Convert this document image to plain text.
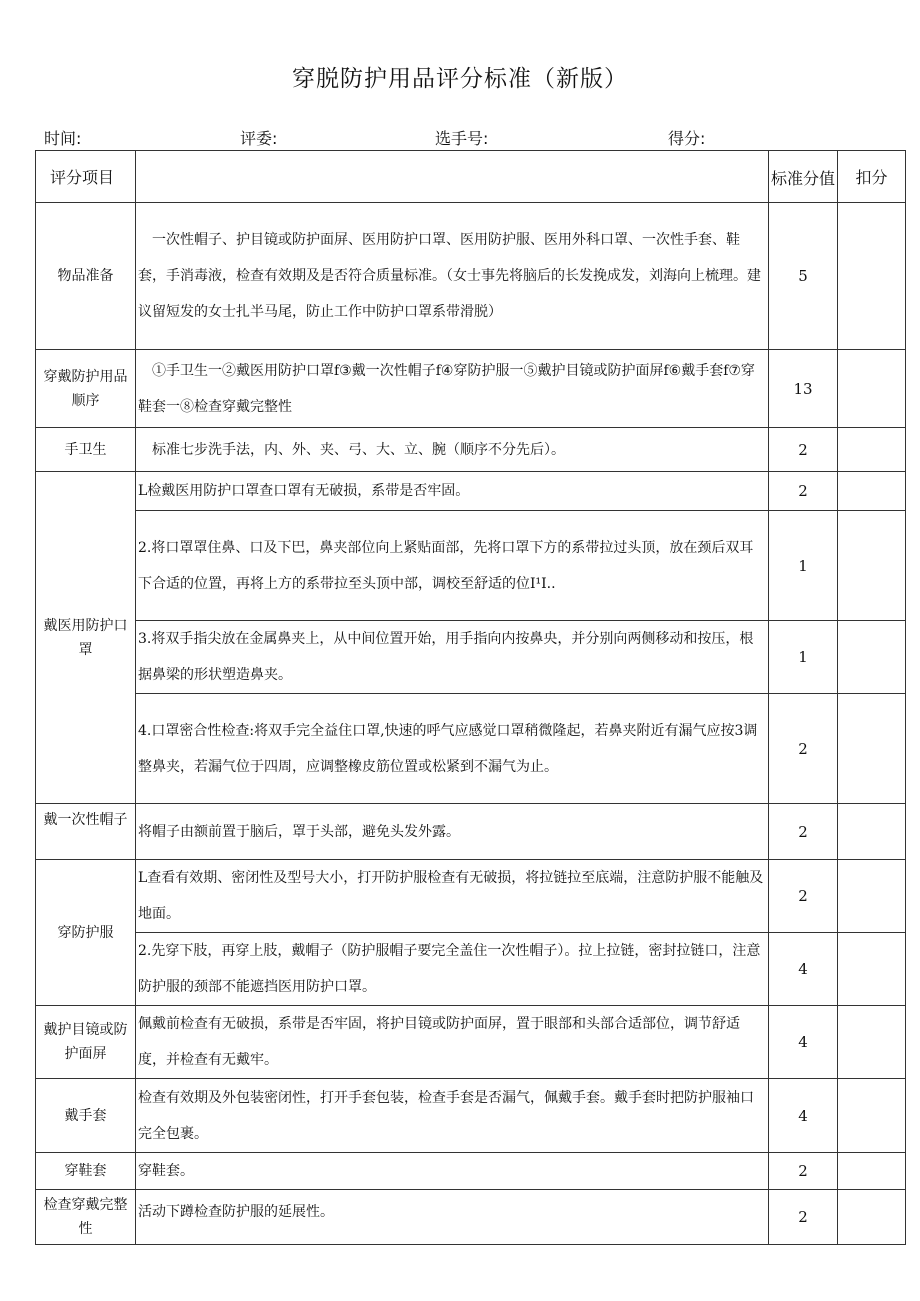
穿脱防护用品评分标准（新版）
时间:	评委:	选手号:	得分:
评分项目		标准分值	扣分
物品准备	一次性帽子、护目镜或防护面屏、医用防护口罩、医用防护服、医用外科口罩、一次性手套、鞋套，手消毒液，检查有效期及是否符合质量标准。（女士事先将脑后的长发挽成发，刘海向上梳理。建议留短发的女士扎半马尾，防止工作中防护口罩系带滑脱）	5	
穿戴防护用品顺序	①手卫生一②戴医用防护口罩f③戴一次性帽子f④穿防护服一⑤戴护目镜或防护面屏f⑥戴手套f⑦穿鞋套一⑧检查穿戴完整性	13	
手卫生	标准七步洗手法，内、外、夹、弓、大、立、腕（顺序不分先后）。	2	
戴医用防护口罩	L检戴医用防护口罩查口罩有无破损，系带是否牢固。	2	
	2.将口罩罩住鼻、口及下巴，鼻夹部位向上紧贴面部，先将口罩下方的系带拉过头顶，放在颈后双耳下合适的位置，再将上方的系带拉至头顶中部，调校至舒适的位I¹I..	1	
	3.将双手指尖放在金属鼻夹上，从中间位置开始，用手指向内按鼻央，并分别向两侧移动和按压，根据鼻梁的形状塑造鼻夹。	1	
	4.口罩密合性检查:将双手完全益住口罩,快速的呼气应感觉口罩稍微隆起，若鼻夹附近有漏气应按3调整鼻夹，若漏气位于四周，应调整橡皮筋位置或松紧到不漏气为止。	2	
戴一次性帽子	将帽子由额前置于脑后，罩于头部，避免头发外露。	2	
穿防护服	L查看有效期、密闭性及型号大小，打开防护服检查有无破损，将拉链拉至底端，注意防护服不能触及地面。	2	
	2.先穿下肢，再穿上肢，戴帽子（防护服帽子要完全盖住一次性帽子）。拉上拉链，密封拉链口，注意防护服的颈部不能遮挡医用防护口罩。	4	
戴护目镜或防护面屏	佩戴前检查有无破损，系带是否牢固，将护目镜或防护面屏，置于眼部和头部合适部位，调节舒适度，并检查有无戴牢。	4	
戴手套	检查有效期及外包装密闭性，打开手套包装，检查手套是否漏气，佩戴手套。戴手套时把防护服袖口完全包裹。	4	
穿鞋套	穿鞋套。	2	
检查穿戴完整性	活动下蹲检查防护服的延展性。	2	
